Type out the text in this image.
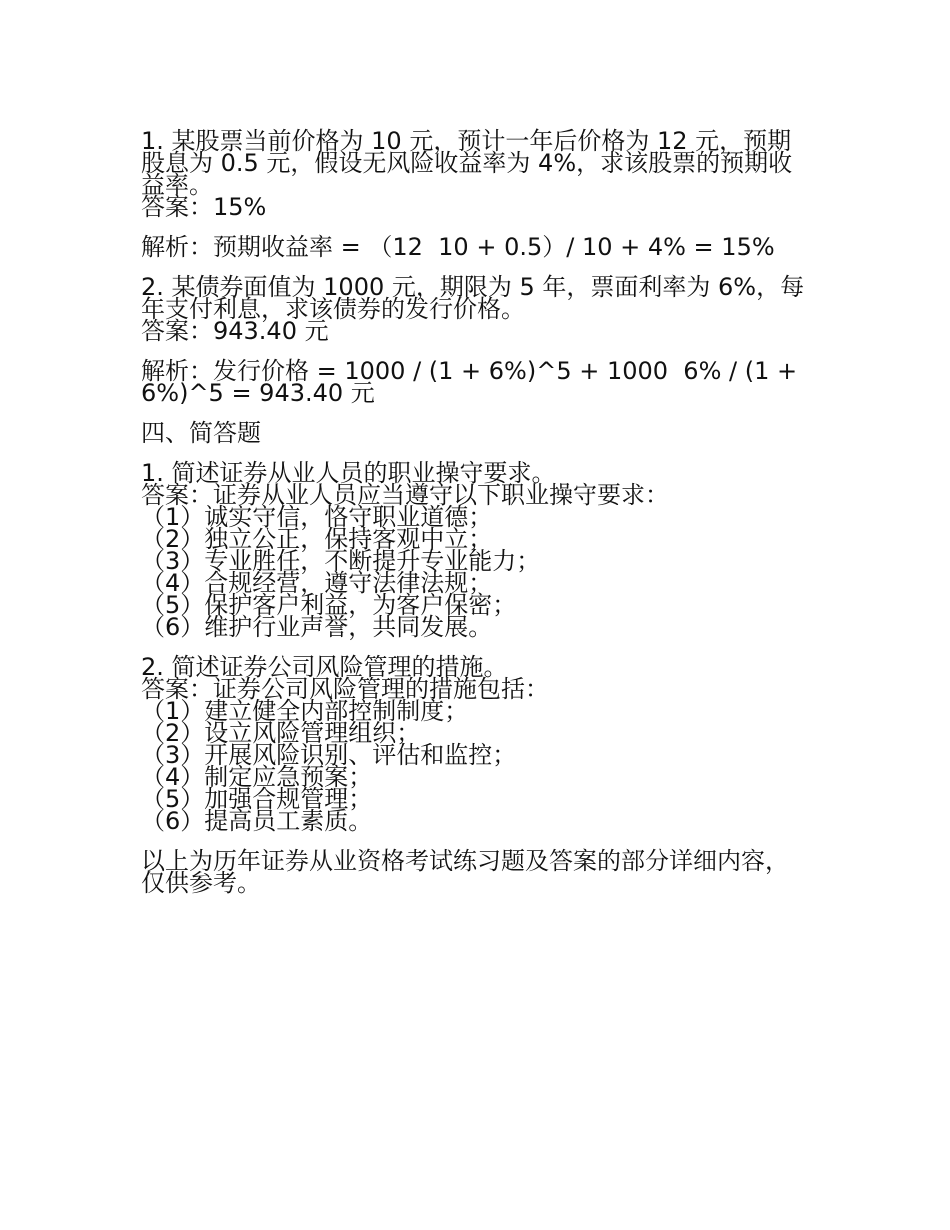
1. 某股票当前价格为 10 元，预计一年后价格为 12 元，预期

股息为 0.5 元，假设无风险收益率为 4%，求该股票的预期收

益率。

答案：15%

解析：预期收益率 = （12  10 + 0.5）/ 10 + 4% = 15%

2. 某债券面值为 1000 元，期限为 5 年，票面利率为 6%，每

年支付利息，求该债券的发行价格。

答案：943.40 元

解析：发行价格 = 1000 / (1 + 6%)^5 + 1000  6% / (1 +

6%)^5 = 943.40 元

四、简答题

1. 简述证券从业人员的职业操守要求。

答案：证券从业人员应当遵守以下职业操守要求：

（1）诚实守信，恪守职业道德；

（2）独立公正，保持客观中立；

（3）专业胜任，不断提升专业能力；

（4）合规经营，遵守法律法规；

（5）保护客户利益，为客户保密；

（6）维护行业声誉，共同发展。

2. 简述证券公司风险管理的措施。

答案：证券公司风险管理的措施包括：

（1）建立健全内部控制制度；

（2）设立风险管理组织；

（3）开展风险识别、评估和监控；

（4）制定应急预案；

（5）加强合规管理；

（6）提高员工素质。

以上为历年证券从业资格考试练习题及答案的部分详细内容，

仅供参考。
